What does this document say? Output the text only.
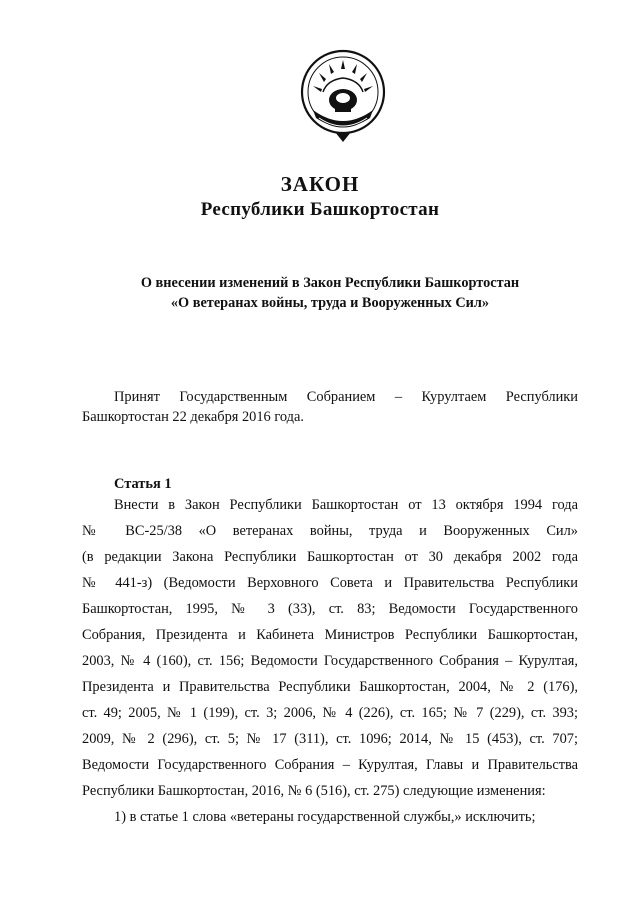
ЗАКОН
Республики Башкортостан
О внесении изменений в Закон Республики Башкортостан
«О ветеранах войны, труда и Вооруженных Сил»
Принят Государственным Собранием – Курултаем Республики
Башкортостан 22 декабря 2016 года.
Статья 1
Внести в Закон Республики Башкортостан от 13 октября 1994 года
№ ВС-25/38 «О ветеранах войны, труда и Вооруженных Сил»
(в редакции Закона Республики Башкортостан от 30 декабря 2002 года
№ 441-з) (Ведомости Верховного Совета и Правительства Республики
Башкортостан, 1995, № 3 (33), ст. 83; Ведомости Государственного
Собрания, Президента и Кабинета Министров Республики Башкортостан,
2003, № 4 (160), ст. 156; Ведомости Государственного Собрания – Курултая,
Президента и Правительства Республики Башкортостан, 2004, № 2 (176),
ст. 49; 2005, № 1 (199), ст. 3; 2006, № 4 (226), ст. 165; № 7 (229), ст. 393;
2009, № 2 (296), ст. 5; № 17 (311), ст. 1096; 2014, № 15 (453), ст. 707;
Ведомости Государственного Собрания – Курултая, Главы и Правительства
Республики Башкортостан, 2016, № 6 (516), ст. 275) следующие изменения:
1) в статье 1 слова «ветераны государственной службы,» исключить;
